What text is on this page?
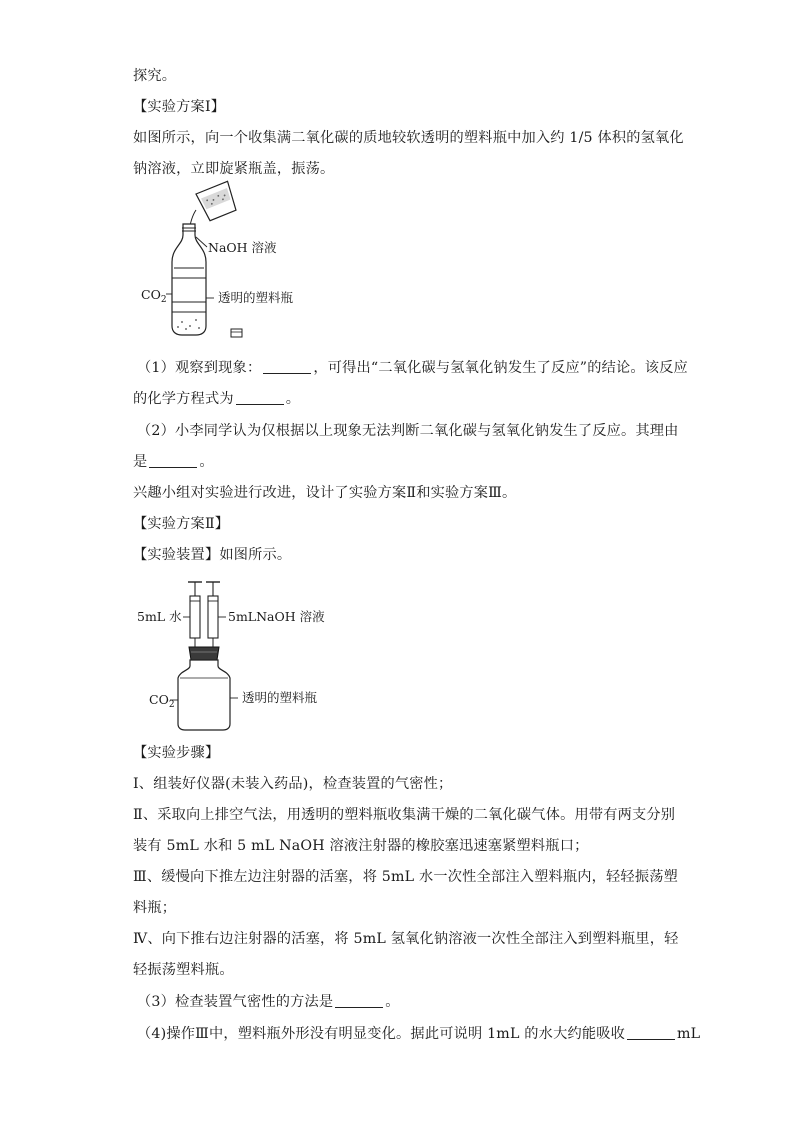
探究。
【实验方案Ⅰ】
如图所示，向一个收集满二氧化碳的质地较软透明的塑料瓶中加入约 1/5 体积的氢氧化
钠溶液，立即旋紧瓶盖，振荡。
NaOH 溶液
$CO_2$	透明的塑料瓶
（1）观察到现象：	，可得出“二氧化碳与氢氧化钠发生了反应”的结论。该反应
的化学方程式为	。
（2）小李同学认为仅根据以上现象无法判断二氧化碳与氢氧化钠发生了反应。其理由
是	。
兴趣小组对实验进行改进，设计了实验方案Ⅱ和实验方案Ⅲ。
【实验方案Ⅱ】
【实验装置】如图所示。
5mL 水	5mLNaOH 溶液
$CO_2$	透明的塑料瓶
【实验步骤】
Ⅰ、组装好仪器(未装入药品)，检查装置的气密性；
Ⅱ、采取向上排空气法，用透明的塑料瓶收集满干燥的二氧化碳气体。用带有两支分别
装有 5mL 水和 5 mL NaOH 溶液注射器的橡胶塞迅速塞紧塑料瓶口；
Ⅲ、缓慢向下推左边注射器的活塞，将 5mL 水一次性全部注入塑料瓶内，轻轻振荡塑
料瓶；
Ⅳ、向下推右边注射器的活塞，将 5mL 氢氧化钠溶液一次性全部注入到塑料瓶里，轻
轻振荡塑料瓶。
（3）检查装置气密性的方法是	。
（4)操作Ⅲ中，塑料瓶外形没有明显变化。据此可说明 1mL 的水大约能吸收	mL
